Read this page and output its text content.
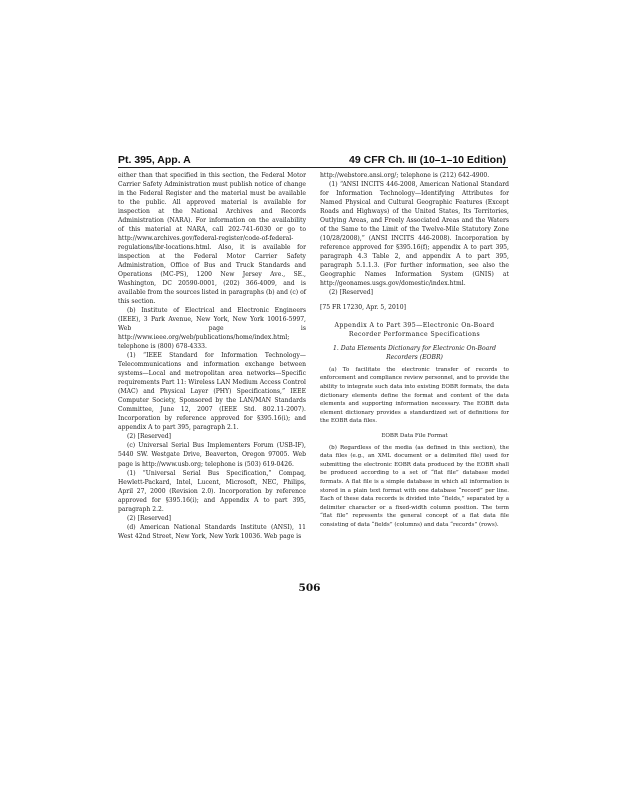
Pt. 395, App. A	49 CFR Ch. III (10–1–10 Edition)

either than that specified in this section, the Federal Motor Carrier Safety Administration must publish notice of change in the Federal Register and the material must be available to the public. All approved material is available for inspection at the National Archives and Records Administration (NARA). For information on the availability of this material at NARA, call 202-741-6030 or go to http://www.archives.gov/federal-register/code-of-federal-regulations/ibr-locations.html. Also, it is available for inspection at the Federal Motor Carrier Safety Administration, Office of Bus and Truck Standards and Operations (MC-PS), 1200 New Jersey Ave., SE., Washington, DC 20590-0001, (202) 366-4009, and is available from the sources listed in paragraphs (b) and (c) of this section.

(b) Institute of Electrical and Electronic Engineers (IEEE), 3 Park Avenue, New York, New York 10016-5997, Web page is http://www.ieee.org/web/publications/home/index.html; telephone is (800) 678-4333.

(1) “IEEE Standard for Information Technology—Telecommunications and information exchange between systems—Local and metropolitan area networks—Specific requirements Part 11: Wireless LAN Medium Access Control (MAC) and Physical Layer (PHY) Specifications,” IEEE Computer Society, Sponsored by the LAN/MAN Standards Committee, June 12, 2007 (IEEE Std. 802.11-2007). Incorporation by reference approved for §395.16(i); and appendix A to part 395, paragraph 2.1.

(2) [Reserved]

(c) Universal Serial Bus Implementers Forum (USB-IF), 5440 SW. Westgate Drive, Beaverton, Oregon 97005. Web page is http://www.usb.org; telephone is (503) 619-0426.

(1) “Universal Serial Bus Specification,” Compaq, Hewlett-Packard, Intel, Lucent, Microsoft, NEC, Philips, April 27, 2000 (Revision 2.0). Incorporation by reference approved for §395.16(i); and Appendix A to part 395, paragraph 2.2.

(2) [Reserved]

(d) American National Standards Institute (ANSI), 11 West 42nd Street, New York, New York 10036. Web page is

http://webstore.ansi.org/; telephone is (212) 642-4900.

(1) “ANSI INCITS 446-2008, American National Standard for Information Technology—Identifying Attributes for Named Physical and Cultural Geographic Features (Except Roads and Highways) of the United States, Its Territories, Outlying Areas, and Freely Associated Areas and the Waters of the Same to the Limit of the Twelve-Mile Statutory Zone (10/28/2008),” (ANSI INCITS 446-2008). Incorporation by reference approved for §395.16(f); appendix A to part 395, paragraph 4.3 Table 2, and appendix A to part 395, paragraph 5.1.1.3. (For further information, see also the Geographic Names Information System (GNIS) at http://geonames.usgs.gov/domestic/index.html.

(2) [Reserved]

[75 FR 17230, Apr. 5, 2010]

Appendix A to Part 395—Electronic On-Board Recorder Performance Specifications
1. Data Elements Dictionary for Electronic On-Board Recorders (EOBR)

(a) To facilitate the electronic transfer of records to enforcement and compliance review personnel, and to provide the ability to integrate such data into existing EOBR formats, the data dictionary elements define the format and content of the data elements and supporting information necessary. The EOBR data element dictionary provides a standardized set of definitions for the EOBR data files.

EOBR Data File Format

(b) Regardless of the media (as defined in this section), the data files (e.g., an XML document or a delimited file) used for submitting the electronic EOBR data produced by the EOBR shall be produced according to a set of “flat file” database model formats. A flat file is a simple database in which all information is stored in a plain text format with one database “record” per line. Each of these data records is divided into “fields,” separated by a delimiter character or a fixed-width column position. The term “flat file” represents the general concept of a flat data file consisting of data “fields” (columns) and data “records” (rows).

506
